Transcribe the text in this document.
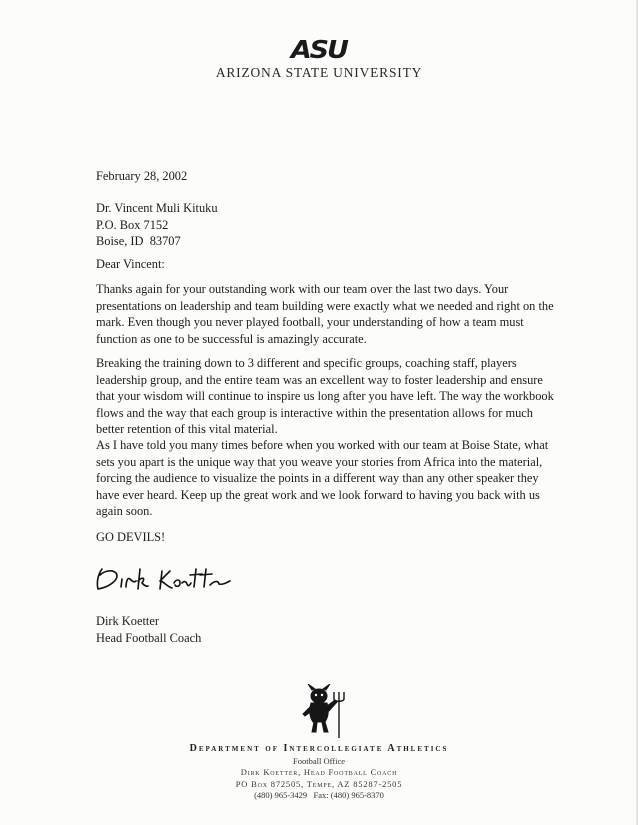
ASU
ARIZONA STATE UNIVERSITY
February 28, 2002
Dr. Vincent Muli Kituku
P.O. Box 7152
Boise, ID  83707
Dear Vincent:
Thanks again for your outstanding work with our team over the last two days. Your presentations on leadership and team building were exactly what we needed and right on the mark. Even though you never played football, your understanding of how a team must function as one to be successful is amazingly accurate.
Breaking the training down to 3 different and specific groups, coaching staff, players leadership group, and the entire team was an excellent way to foster leadership and ensure that your wisdom will continue to inspire us long after you have left. The way the workbook flows and the way that each group is interactive within the presentation allows for much better retention of this vital material.
As I have told you many times before when you worked with our team at Boise State, what sets you apart is the unique way that you weave your stories from Africa into the material, forcing the audience to visualize the points in a different way than any other speaker they have ever heard. Keep up the great work and we look forward to having you back with us again soon.
GO DEVILS!
Dirk Koetter
Head Football Coach
Department of Intercollegiate Athletics
Football Office
Dirk Koetter, Head Football Coach
PO Box 872505, Tempe, AZ 85287-2505
(480) 965-3429   Fax: (480) 965-8370
